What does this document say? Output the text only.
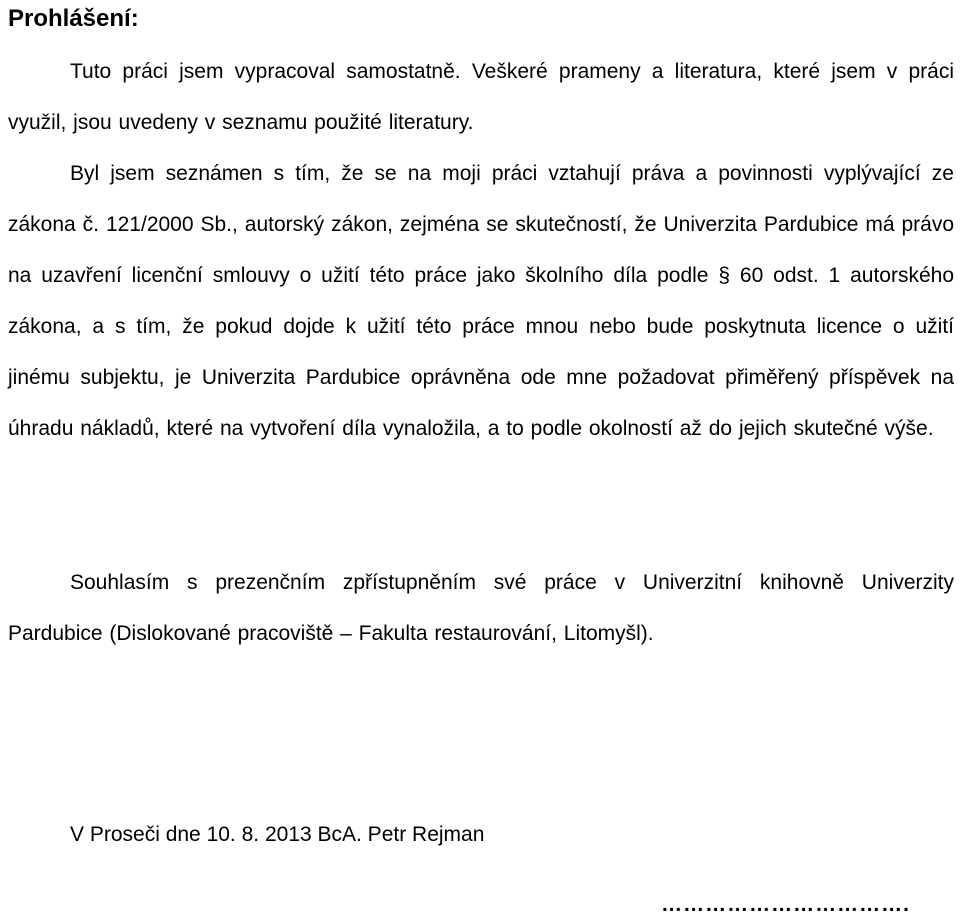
Prohlášení:

Tuto práci jsem vypracoval samostatně. Veškeré prameny a literatura, které jsem v práci využil, jsou uvedeny v seznamu použité literatury.

Byl jsem seznámen s tím, že se na moji práci vztahují práva a povinnosti vyplývající ze zákona č. 121/2000 Sb., autorský zákon, zejména se skutečností, že Univerzita Pardubice má právo na uzavření licenční smlouvy o užití této práce jako školního díla podle § 60 odst. 1 autorského zákona, a s tím, že pokud dojde k užití této práce mnou nebo bude poskytnuta licence o užití jinému subjektu, je Univerzita Pardubice oprávněna ode mne požadovat přiměřený příspěvek na úhradu nákladů, které na vytvoření díla vynaložila, a to podle okolností až do jejich skutečné výše.

Souhlasím s prezenčním zpřístupněním své práce v Univerzitní knihovně Univerzity Pardubice (Dislokované pracoviště – Fakulta restaurování, Litomyšl).

V Proseči dne 10. 8. 2013 BcA. Petr Rejman

…………………………….
